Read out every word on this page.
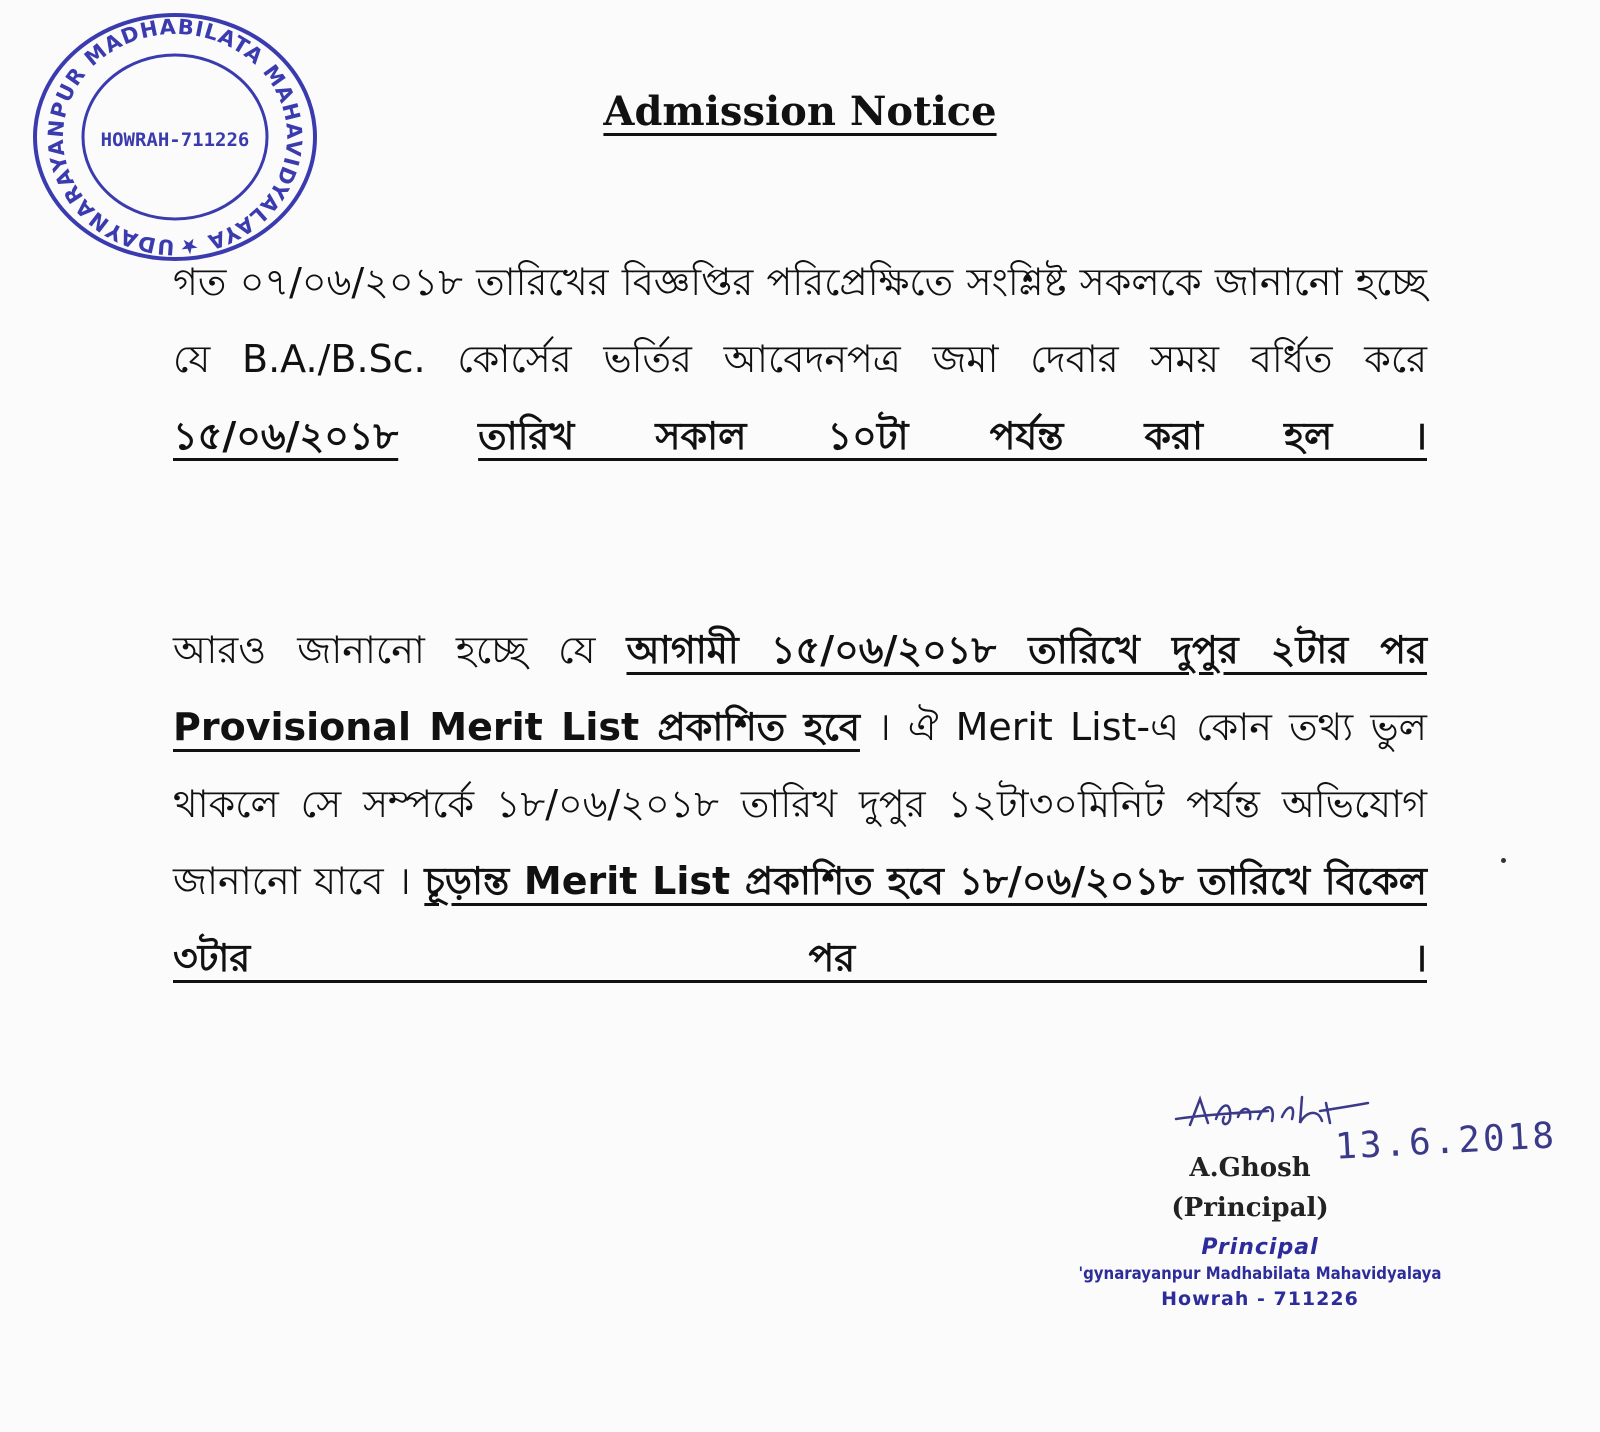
UDAYNARAYANPUR MADHABILATA MAHAVIDYALAYA ★
HOWRAH-711226
Admission Notice
গত ০৭/০৬/২০১৮ তারিখের বিজ্ঞপ্তির পরিপ্রেক্ষিতে সংশ্লিষ্ট সকলকে জানানো হচ্ছে যে B.A./B.Sc. কোর্সের ভর্তির আবেদনপত্র জমা দেবার সময় বর্ধিত করে ১৫/০৬/২০১৮ তারিখ সকাল ১০টা পর্যন্ত করা হল ।
আরও জানানো হচ্ছে যে আগামী ১৫/০৬/২০১৮ তারিখে দুপুর ২টার পর Provisional Merit List প্রকাশিত হবে । ঐ Merit List-এ কোন তথ্য ভুল থাকলে সে সম্পর্কে ১৮/০৬/২০১৮ তারিখ দুপুর ১২টা৩০মিনিট পর্যন্ত অভিযোগ জানানো যাবে । চূড়ান্ত Merit List প্রকাশিত হবে ১৮/০৬/২০১৮ তারিখে বিকেল ৩টার পর ।
13.6.2018
A.Ghosh
(Principal)
Principal
'gynarayanpur Madhabilata Mahavidyalaya
Howrah - 711226
